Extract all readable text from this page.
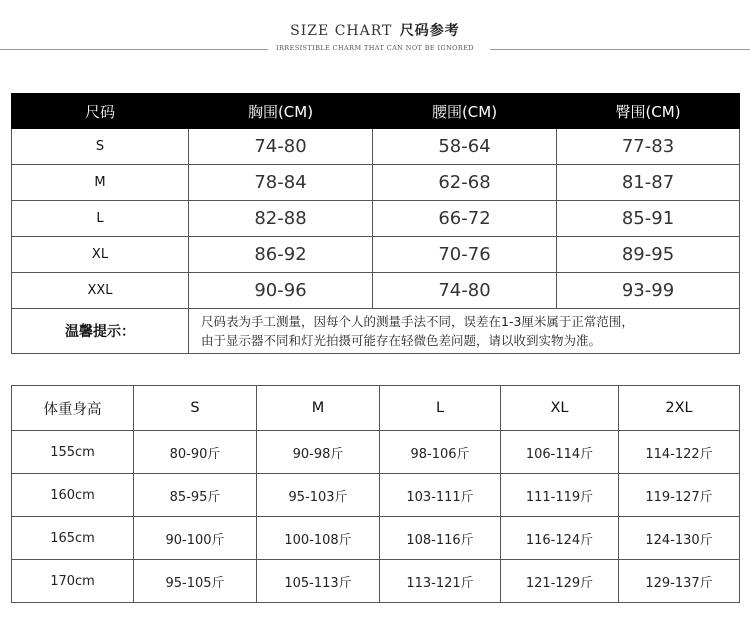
SIZE CHART 尺码参考
IRRESISTIBLE CHARM THAT CAN NOT BE IGNORED
尺码	胸围(CM)	腰围(CM)	臀围(CM)
S	74-80	58-64	77-83
M	78-84	62-68	81-87
L	82-88	66-72	85-91
XL	86-92	70-76	89-95
XXL	90-96	74-80	93-99
温馨提示：	尺码表为手工测量，因每个人的测量手法不同，误差在1-3厘米属于正常范围，
由于显示器不同和灯光拍摄可能存在轻微色差问题，请以收到实物为准。		
体重身高	S	M	L	XL	2XL
155cm	80-90斤	90-98斤	98-106斤	106-114斤	114-122斤
160cm	85-95斤	95-103斤	103-111斤	111-119斤	119-127斤
165cm	90-100斤	100-108斤	108-116斤	116-124斤	124-130斤
170cm	95-105斤	105-113斤	113-121斤	121-129斤	129-137斤
